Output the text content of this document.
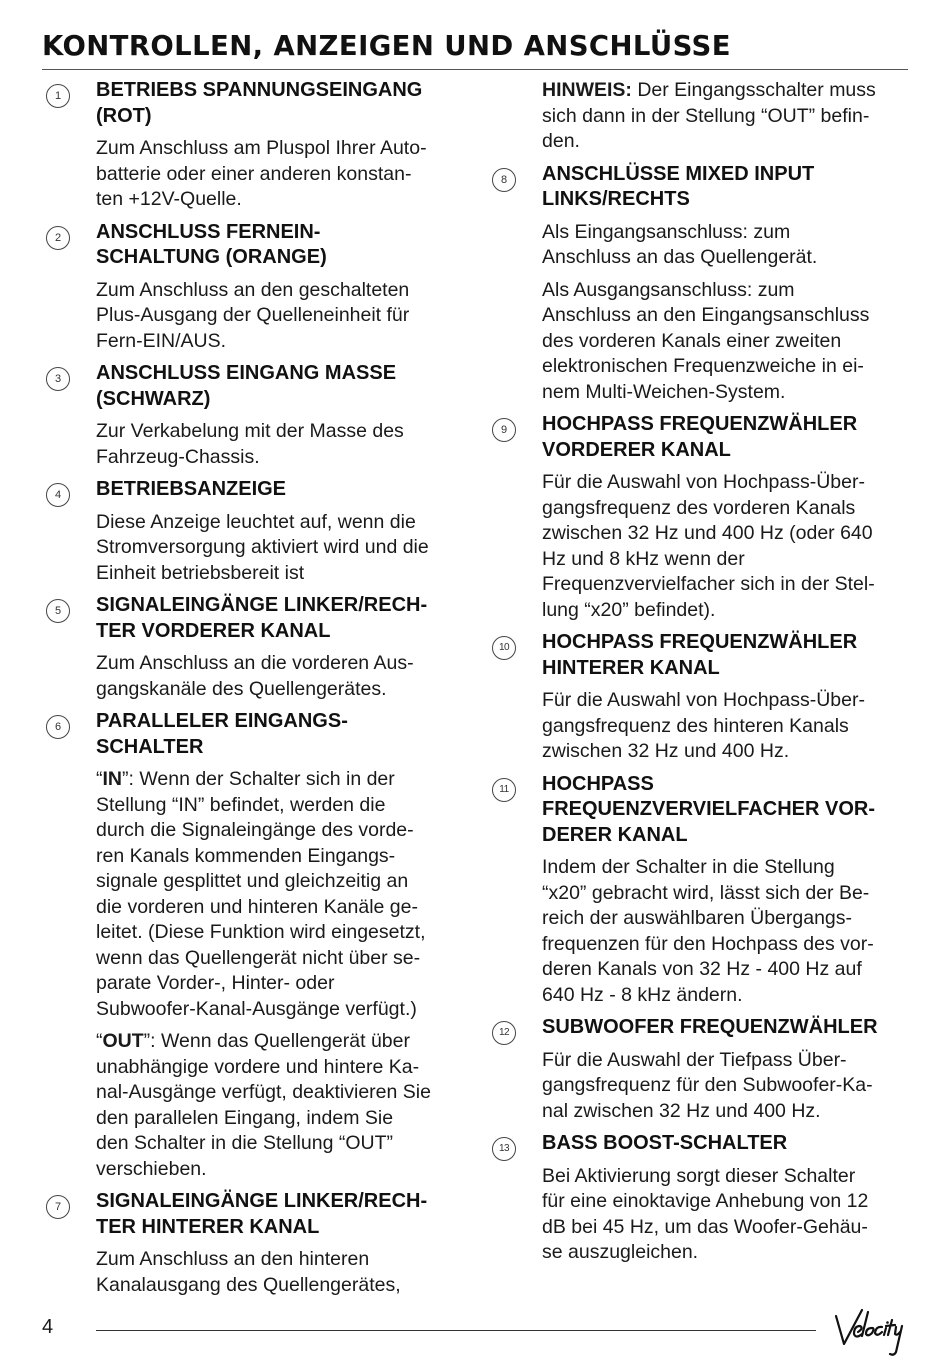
KONTROLLEN, ANZEIGEN UND ANSCHLÜSSE
1	BETRIEBS SPANNUNGSEINGANG
(ROT)
Zum Anschluss am Pluspol Ihrer Auto-
batterie oder einer anderen konstan-
ten +12V-Quelle.
2	ANSCHLUSS FERNEIN-
SCHALTUNG (ORANGE)
Zum Anschluss an den geschalteten
Plus-Ausgang der Quelleneinheit für
Fern-EIN/AUS.
3	ANSCHLUSS EINGANG MASSE
(SCHWARZ)
Zur Verkabelung mit der Masse des
Fahrzeug-Chassis.
4	BETRIEBSANZEIGE
Diese Anzeige leuchtet auf, wenn die
Stromversorgung aktiviert wird und die
Einheit betriebsbereit ist
5	SIGNALEINGÄNGE LINKER/RECH-
TER VORDERER KANAL
Zum Anschluss an die vorderen Aus-
gangskanäle des Quellengerätes.
6	PARALLELER EINGANGS-
SCHALTER
“IN”: Wenn der Schalter sich in der
Stellung “IN” befindet, werden die
durch die Signaleingänge des vorde-
ren Kanals kommenden Eingangs-
signale gesplittet und gleichzeitig an
die vorderen und hinteren Kanäle ge-
leitet. (Diese Funktion wird eingesetzt,
wenn das Quellengerät nicht über se-
parate Vorder-, Hinter- oder
Subwoofer-Kanal-Ausgänge verfügt.)
“OUT”: Wenn das Quellengerät über
unabhängige vordere und hintere Ka-
nal-Ausgänge verfügt, deaktivieren Sie
den parallelen Eingang, indem Sie
den Schalter in die Stellung “OUT”
verschieben.
7	SIGNALEINGÄNGE LINKER/RECH-
TER HINTERER KANAL
Zum Anschluss an den hinteren
Kanalausgang des Quellengerätes,
HINWEIS: Der Eingangsschalter muss
sich dann in der Stellung “OUT” befin-
den.
8	ANSCHLÜSSE MIXED INPUT
LINKS/RECHTS
Als Eingangsanschluss: zum
Anschluss an das Quellengerät.
Als Ausgangsanschluss: zum
Anschluss an den Eingangsanschluss
des vorderen Kanals einer zweiten
elektronischen Frequenzweiche in ei-
nem Multi-Weichen-System.
9	HOCHPASS FREQUENZWÄHLER
VORDERER KANAL
Für die Auswahl von Hochpass-Über-
gangsfrequenz des vorderen Kanals
zwischen 32 Hz und 400 Hz (oder 640
Hz und 8 kHz wenn der
Frequenzvervielfacher sich in der Stel-
lung “x20” befindet).
10	HOCHPASS FREQUENZWÄHLER
HINTERER KANAL
Für die Auswahl von Hochpass-Über-
gangsfrequenz des hinteren Kanals
zwischen 32 Hz und 400 Hz.
11	HOCHPASS
FREQUENZVERVIELFACHER VOR-
DERER KANAL
Indem der Schalter in die Stellung
“x20” gebracht wird, lässt sich der Be-
reich der auswählbaren Übergangs-
frequenzen für den Hochpass des vor-
deren Kanals von 32 Hz - 400 Hz auf
640 Hz - 8 kHz ändern.
12	SUBWOOFER FREQUENZWÄHLER
Für die Auswahl der Tiefpass Über-
gangsfrequenz für den Subwoofer-Ka-
nal zwischen 32 Hz und 400 Hz.
13	BASS BOOST-SCHALTER
Bei Aktivierung sorgt dieser Schalter
für eine einoktavige Anhebung von 12
dB bei 45 Hz, um das Woofer-Gehäu-
se auszugleichen.
4
